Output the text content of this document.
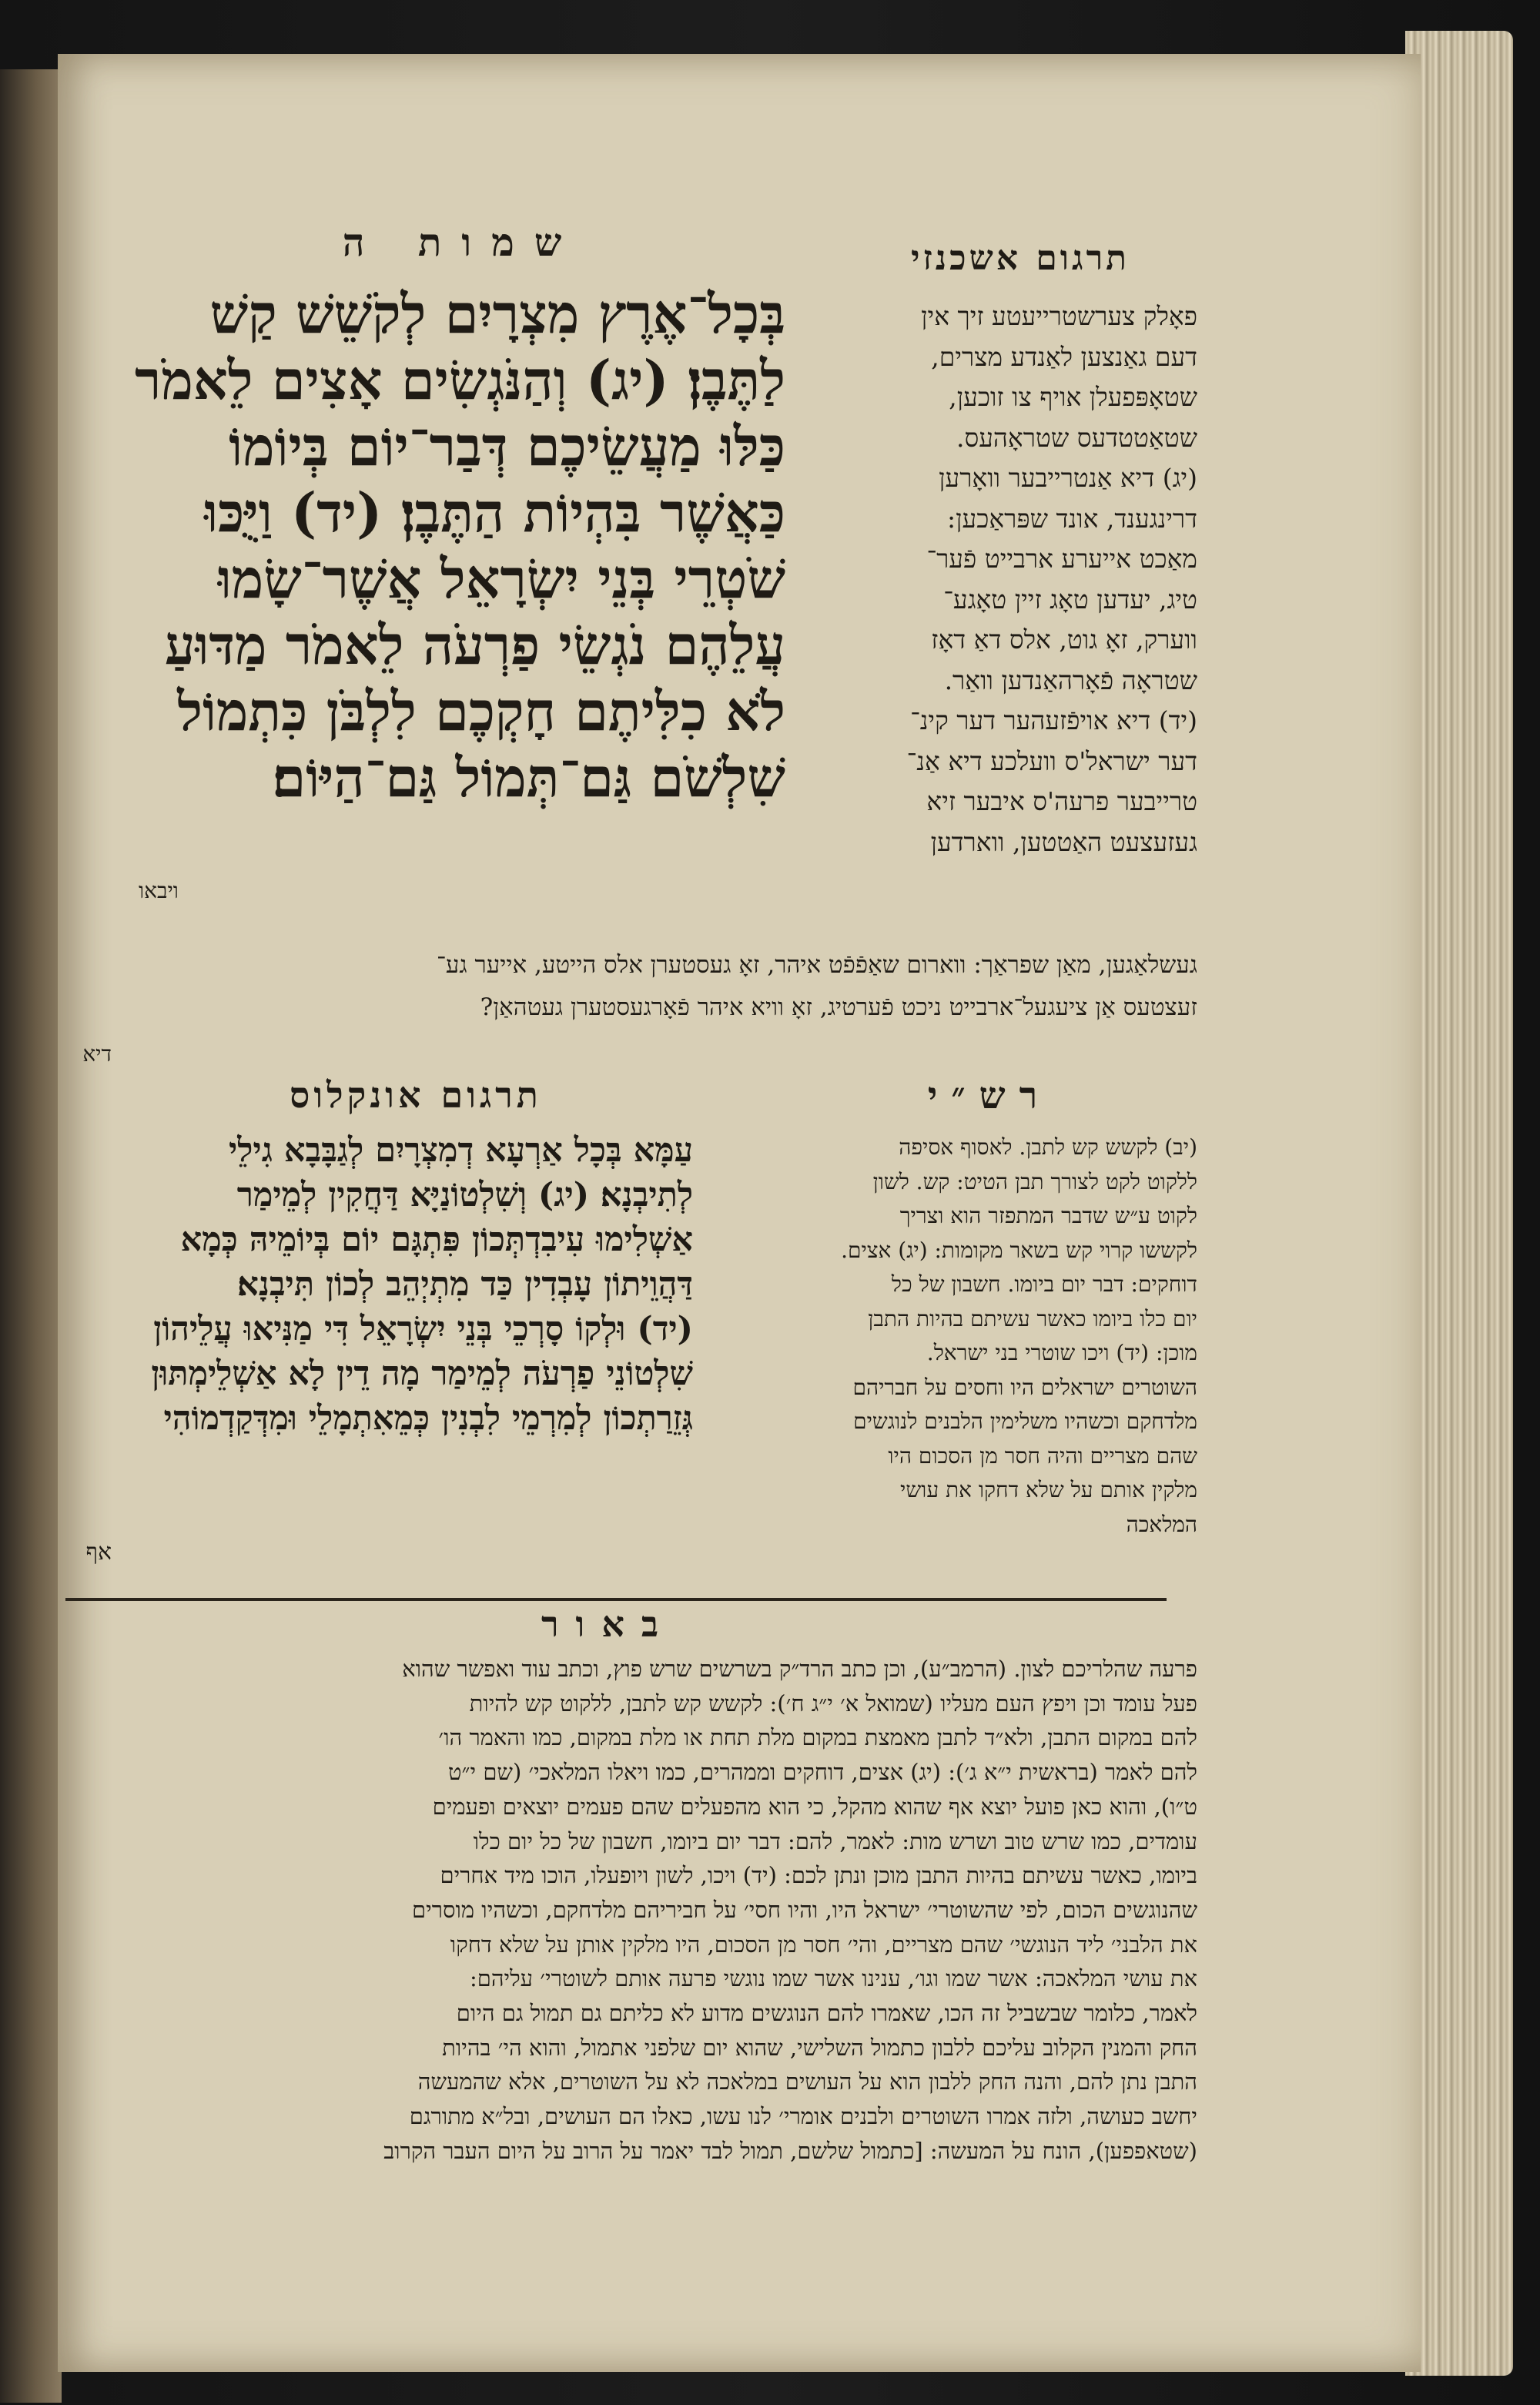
תרגום אשכנזי
פאָלק צערשטרייעטע זיך אין
דעם גאַנצען לאַנדע מצרים,
שטאָפּפעלן אויף צו זוכען,
שטאַטטדעס שטראָהעס.
(יג) דיא אַנטרייבער וואָרען
דרינגענד, אונד שפּראַכען:
מאַכט אייערע ארבייט פֿער־
טיג, יעדען טאָג זיין טאָגע־
ווערק, זאָ גוט, אלס דאַ דאָז
שטראָה פֿאָרהאַנדען וואַר.
(יד) דיא אויפֿזעהער דער קינ־
דער ישראל'ס וועלכע דיא אַנ־
טרייבער פרעה'ס איבער זיא
געזעצעט האַטטען, ווארדען
שמות ה
בְּכָל־אֶרֶץ מִצְרָיִם לְקֹשֵׁשׁ קַשׁ
לַתֶּבֶן׃ (יג) וְהַנֹּגְשִׂים אָצִים לֵאמֹר
כַּלּוּ מַעֲשֵׂיכֶם דְּבַר־יוֹם בְּיוֹמוֹ
כַּאֲשֶׁר בִּהְיוֹת הַתֶּבֶן׃ (יד) וַיֻּכּוּ
שֹׁטְרֵי בְּנֵי יִשְׂרָאֵל אֲשֶׁר־שָׂמוּ
עֲלֵהֶם נֹגְשֵׂי פַרְעֹה לֵאמֹר מַדּוּעַ
לֹא כִלִּיתֶם חָקְכֶם לִלְבֹּן כִּתְמוֹל
שִׁלְשֹׁם גַּם־תְּמוֹל גַּם־הַיּוֹם׃
ויבאו
געשלאַגען, מאַן שפראַך: ווארום שאַפֿפֿט איהר, זאָ געסטערן אלס הייטע, אייער גע־
זעצטעס אַן ציעגעל־ארבייט ניכט פֿערטיג, זאָ וויא איהר פֿאָרגעסטערן געטהאַן?
דיא
רש״י
(יב) לקשש קש לתבן. לאסוף אסיפה
ללקוט לקט לצורך תבן הטיט: קש. לשון
לקוט ע״ש שדבר המתפזר הוא וצריך
לקששו קרוי קש בשאר מקומות: (יג) אצים.
דוחקים: דבר יום ביומו. חשבון של כל
יום כלו ביומו כאשר עשיתם בהיות התבן
מוכן: (יד) ויכו שוטרי בני ישראל.
השוטרים ישראלים היו וחסים על חבריהם
מלדחקם וכשהיו משלימין הלבנים לנוגשים
שהם מצריים והיה חסר מן הסכום היו
מלקין אותם על שלא דחקו את עושי
המלאכה
תרגום אונקלוס
עַמָּא בְּכָל אַרְעָא דְמִצְרָיִם לְגַבָּבָא גִילֵי
לְתִיבְנָא׃ (יג) וְשִׁלְטוֹנַיָּא דַּחֲקִין לְמֵימַר
אַשְׁלִימוּ עִיבִדְתְּכוֹן פִּתְגָּם יוֹם בְּיוֹמֵיהּ כְּמָא
דַּהֲוֵיתוֹן עָבְדִין כַּד מִתְיְהֵב לְכוֹן תִּיבְנָא׃
(יד) וּלְקוֹ סָרְכֵי בְּנֵי יִשְׂרָאֵל דִּי מַנִּיאוּ עֲלֵיהוֹן
שִׁלְטוֹנֵי פַרְעֹה לְמֵימַר מָה דֵין לָא אַשְׁלֵימְתּוּן
גְּזֵרַתְכוֹן לְמִרְמֵי לִבְנִין כְּמֵאִתְמָלֵי וּמִדְּקַדְמוֹהִי
אף
באור
פרעה שהלריכם לצון. (הרמב״ע), וכן כתב הרד״ק בשרשים שרש פוץ, וכתב עוד ואפשר שהוא
פעל עומד וכן ויפץ העם מעליו (שמואל א׳ י״ג ח׳): לקשש קש לתבן, ללקוט קש להיות
להם במקום התבן, ולא״ד לתבן מאמצת במקום מלת תחת או מלת במקום, כמו והאמר הו׳
להם לאמר (בראשית י״א ג׳): (יג) אצים, דוחקים וממהרים, כמו ויאלו המלאכי׳ (שם י״ט
ט״ו), והוא כאן פועל יוצא אף שהוא מהקל, כי הוא מהפעלים שהם פעמים יוצאים ופעמים
עומדים, כמו שרש טוב ושרש מות: לאמר, להם: דבר יום ביומו, חשבון של כל יום כלו
ביומו, כאשר עשיתם בהיות התבן מוכן ונתן לכם: (יד) ויכו, לשון ויופעלו, הוכו מיד אחרים
שהנוגשים הכום, לפי שהשוטרי׳ ישראל היו, והיו חסי׳ על חביריהם מלדחקם, וכשהיו מוסרים
את הלבני׳ ליד הנוגשי׳ שהם מצריים, והי׳ חסר מן הסכום, היו מלקין אותן על שלא דחקו
את עושי המלאכה: אשר שמו וגו׳, ענינו אשר שמו נוגשי פרעה אותם לשוטרי׳ עליהם:
לאמר, כלומר שבשביל זה הכו, שאמרו להם הנוגשים מדוע לא כליתם גם תמול גם היום
החק והמנין הקלוב עליכם ללבון כתמול השלישי, שהוא יום שלפני אתמול, והוא הי׳ בהיות
התבן נתן להם, והנה החק ללבון הוא על העושים במלאכה לא על השוטרים, אלא שהמעשה
יחשב כעושה, ולזה אמרו השוטרים ולבנים אומרי׳ לנו עשו, כאלו הם העושים, ובל״א מתורגם
(שטאפפען), הונח על המעשה: [כתמול שלשם, תמול לבד יאמר על הרוב על היום העבר הקרוב
